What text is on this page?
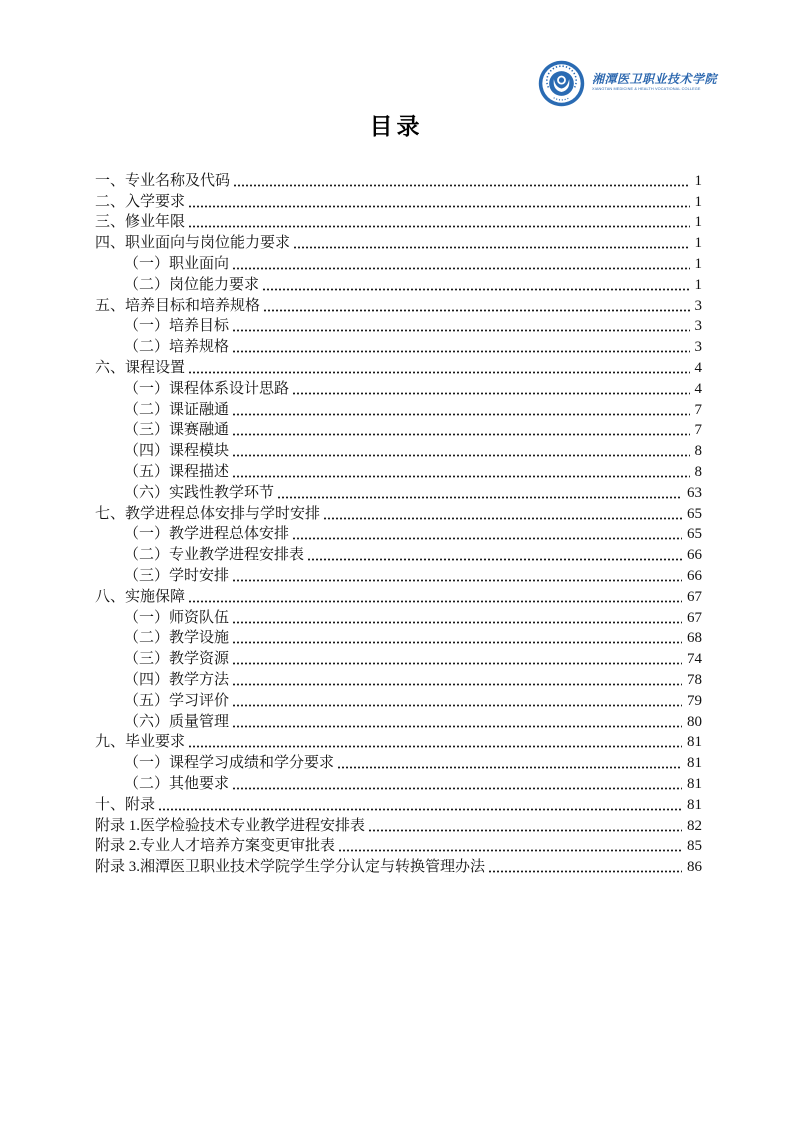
湘潭医卫职业技术学院
XIANGTAN MEDICINE & HEALTH VOCATIONAL COLLEGE
目录
一、专业名称及代码	1
二、入学要求	1
三、修业年限	1
四、职业面向与岗位能力要求	1
（一）职业面向	1
（二）岗位能力要求	1
五、培养目标和培养规格	3
（一）培养目标	3
（二）培养规格	3
六、课程设置	4
（一）课程体系设计思路	4
（二）课证融通	7
（三）课赛融通	7
（四）课程模块	8
（五）课程描述	8
（六）实践性教学环节	63
七、教学进程总体安排与学时安排	65
（一）教学进程总体安排	65
（二）专业教学进程安排表	66
（三）学时安排	66
八、实施保障	67
（一）师资队伍	67
（二）教学设施	68
（三）教学资源	74
（四）教学方法	78
（五）学习评价	79
（六）质量管理	80
九、毕业要求	81
（一）课程学习成绩和学分要求	81
（二）其他要求	81
十、附录	81
附录 1.医学检验技术专业教学进程安排表	82
附录 2.专业人才培养方案变更审批表	85
附录 3.湘潭医卫职业技术学院学生学分认定与转换管理办法	86
